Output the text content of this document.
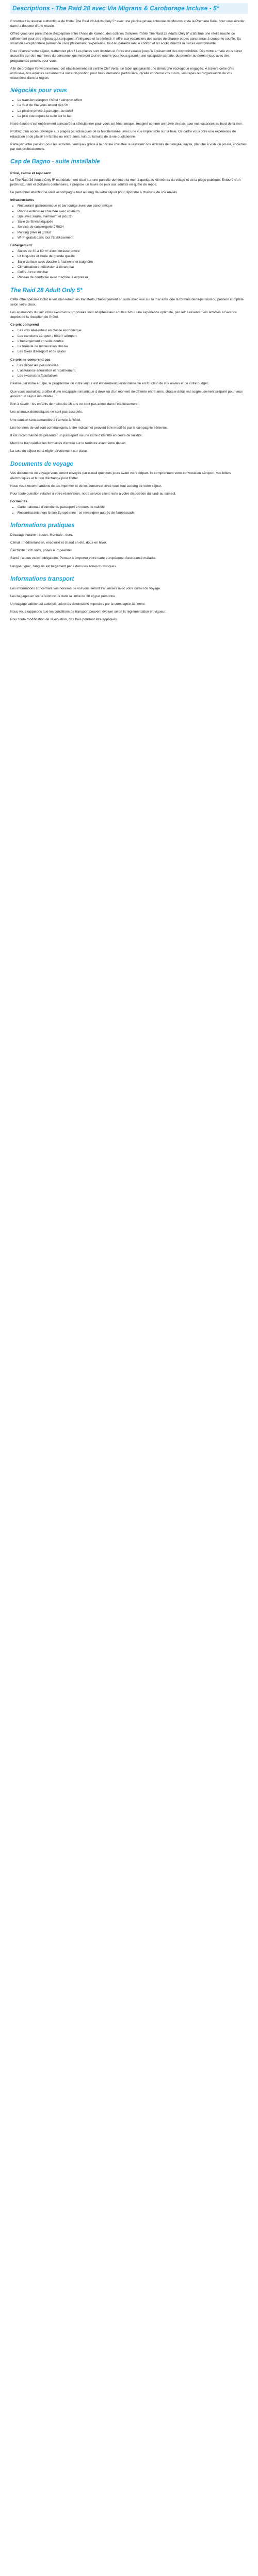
Descriptions - The Raid 28 avec Via Migrans & Caroborage Incluse - 5*

Constituez la réserve authentique de l'hôtel The Raid 28 Adults Only 5* avec une piscine privée entourée de Mouros et de la Première Baie, pour vous évader dans la douceur d'une escale.

Offrez-vous une parenthèse d'exception entre l'Anse de Kameo, des collines d'oliviers, l'hôtel The Raid 28 Adults Only 5* s'attribue une réelle touche de raffinement pour des séjours qui conjuguent l'élégance et la sérénité. Il offre aux vacanciers des suites de charme et des panoramas à couper le souffle. Sa situation exceptionnelle permet de vivre pleinement l'expérience, tout en garantissant le confort et un accès direct à la nature environnante.

Pour réserver votre séjour, n'attendez plus ! Les places sont limitées et l'offre est valable jusqu'à épuisement des disponibilités. Dès votre arrivée vous serez accueillis par des membres du personnel qui mettront tout en œuvre pour vous garantir une escapade parfaite, du premier au dernier jour, avec des programmes pensés pour vous.

Afin de protéger l'environnement, cet établissement est certifié Clef Verte, un label qui garantit une démarche écologique engagée. À travers cette offre exclusive, nos équipes se tiennent à votre disposition pour toute demande particulière, qu'elle concerne vos loisirs, vos repas ou l'organisation de vos excursions dans la région.

Négociés pour vous
• Le transfert aéroport / hôtel / aéroport offert
• Le Sud de l'île vous attend dès 5h
• La piscine privée à partager, au soleil
• La jolie vue depuis la suite sur le lac

Notre équipe s'est entièrement consacrée à sélectionner pour vous cet hôtel unique, imaginé comme un havre de paix pour vos vacances au bord de la mer.

Profitez d'un accès privilégié aux plages paradisiaques de la Méditerranée, avec une vue imprenable sur la baie. Ce cadre vous offre une expérience de relaxation et de plaisir en famille ou entre amis, loin du tumulte de la vie quotidienne.

Partagez votre passion pour les activités nautiques grâce à la piscine chauffée ou essayez nos activités de plongée, kayak, planche à voile ou jet-ski, encadrés par des professionnels.

Cap de Bagno - suite installable
Privé, calme et reposant

Le The Raid 28 Adults Only 5* est idéalement situé sur une parcelle dominant la mer, à quelques kilomètres du village et de la plage publique. Entouré d'un jardin luxuriant et d'oliviers centenaires, il propose un havre de paix aux adultes en quête de repos.

Le personnel attentionné vous accompagne tout au long de votre séjour pour répondre à chacune de vos envies.

Infrastructures
• Restaurant gastronomique et bar lounge avec vue panoramique
• Piscine extérieure chauffée avec solarium
• Spa avec sauna, hammam et jacuzzi
• Salle de fitness équipée
• Service de conciergerie 24h/24
• Parking privé et gratuit
• Wi-Fi gratuit dans tout l'établissement
Hébergement
• Suites de 40 à 60 m² avec terrasse privée
• Lit king-size et literie de grande qualité
• Salle de bain avec douche à l'italienne et baignoire
• Climatisation et télévision à écran plat
• Coffre-fort et minibar
• Plateau de courtoisie avec machine à expresso
The Raid 28 Adult Only 5*

Cette offre spéciale inclut le vol aller-retour, les transferts, l'hébergement en suite avec vue sur la mer ainsi que la formule demi-pension ou pension complète selon votre choix.

Les animations du soir et les excursions proposées sont adaptées aux adultes. Pour une expérience optimale, pensez à réserver vos activités à l'avance auprès de la réception de l'hôtel.

Ce prix comprend
• Les vols aller-retour en classe économique
• Les transferts aéroport / hôtel / aéroport
• L'hébergement en suite double
• La formule de restauration choisie
• Les taxes d'aéroport et de séjour
Ce prix ne comprend pas
• Les dépenses personnelles
• L'assurance annulation et rapatriement
• Les excursions facultatives

Réalisé par notre équipe, le programme de votre séjour est entièrement personnalisable en fonction de vos envies et de votre budget.

Que vous souhaitiez profiter d'une escapade romantique à deux ou d'un moment de détente entre amis, chaque détail est soigneusement préparé pour vous assurer un séjour inoubliable.

Bon à savoir : les enfants de moins de 16 ans ne sont pas admis dans l'établissement.

Les animaux domestiques ne sont pas acceptés.

Une caution sera demandée à l'arrivée à l'hôtel.

Les horaires de vol sont communiqués à titre indicatif et peuvent être modifiés par la compagnie aérienne.

Il est recommandé de présenter un passeport ou une carte d'identité en cours de validité.

Merci de bien vérifier les formalités d'entrée sur le territoire avant votre départ.

La taxe de séjour est à régler directement sur place.

Documents de voyage

Vos documents de voyage vous seront envoyés par e-mail quelques jours avant votre départ. Ils comprennent votre convocation aéroport, vos billets électroniques et le bon d'échange pour l'hôtel.

Nous vous recommandons de les imprimer et de les conserver avec vous tout au long de votre séjour.

Pour toute question relative à votre réservation, notre service client reste à votre disposition du lundi au samedi.

Formalités
• Carte nationale d'identité ou passeport en cours de validité
• Ressortissants hors Union Européenne : se renseigner auprès de l'ambassade
Informations pratiques

Décalage horaire : aucun. Monnaie : euro.

Climat : méditerranéen, ensoleillé et chaud en été, doux en hiver.

Électricité : 220 volts, prises européennes.

Santé : aucun vaccin obligatoire. Pensez à emporter votre carte européenne d'assurance maladie.

Langue : grec, l'anglais est largement parlé dans les zones touristiques.

Informations transport

Les informations concernant vos horaires de vol vous seront transmises avec votre carnet de voyage.

Les bagages en soute sont inclus dans la limite de 20 kg par personne.

Un bagage cabine est autorisé, selon les dimensions imposées par la compagnie aérienne.

Nous vous rappelons que les conditions de transport peuvent évoluer selon la réglementation en vigueur.

Pour toute modification de réservation, des frais pourront être appliqués.
